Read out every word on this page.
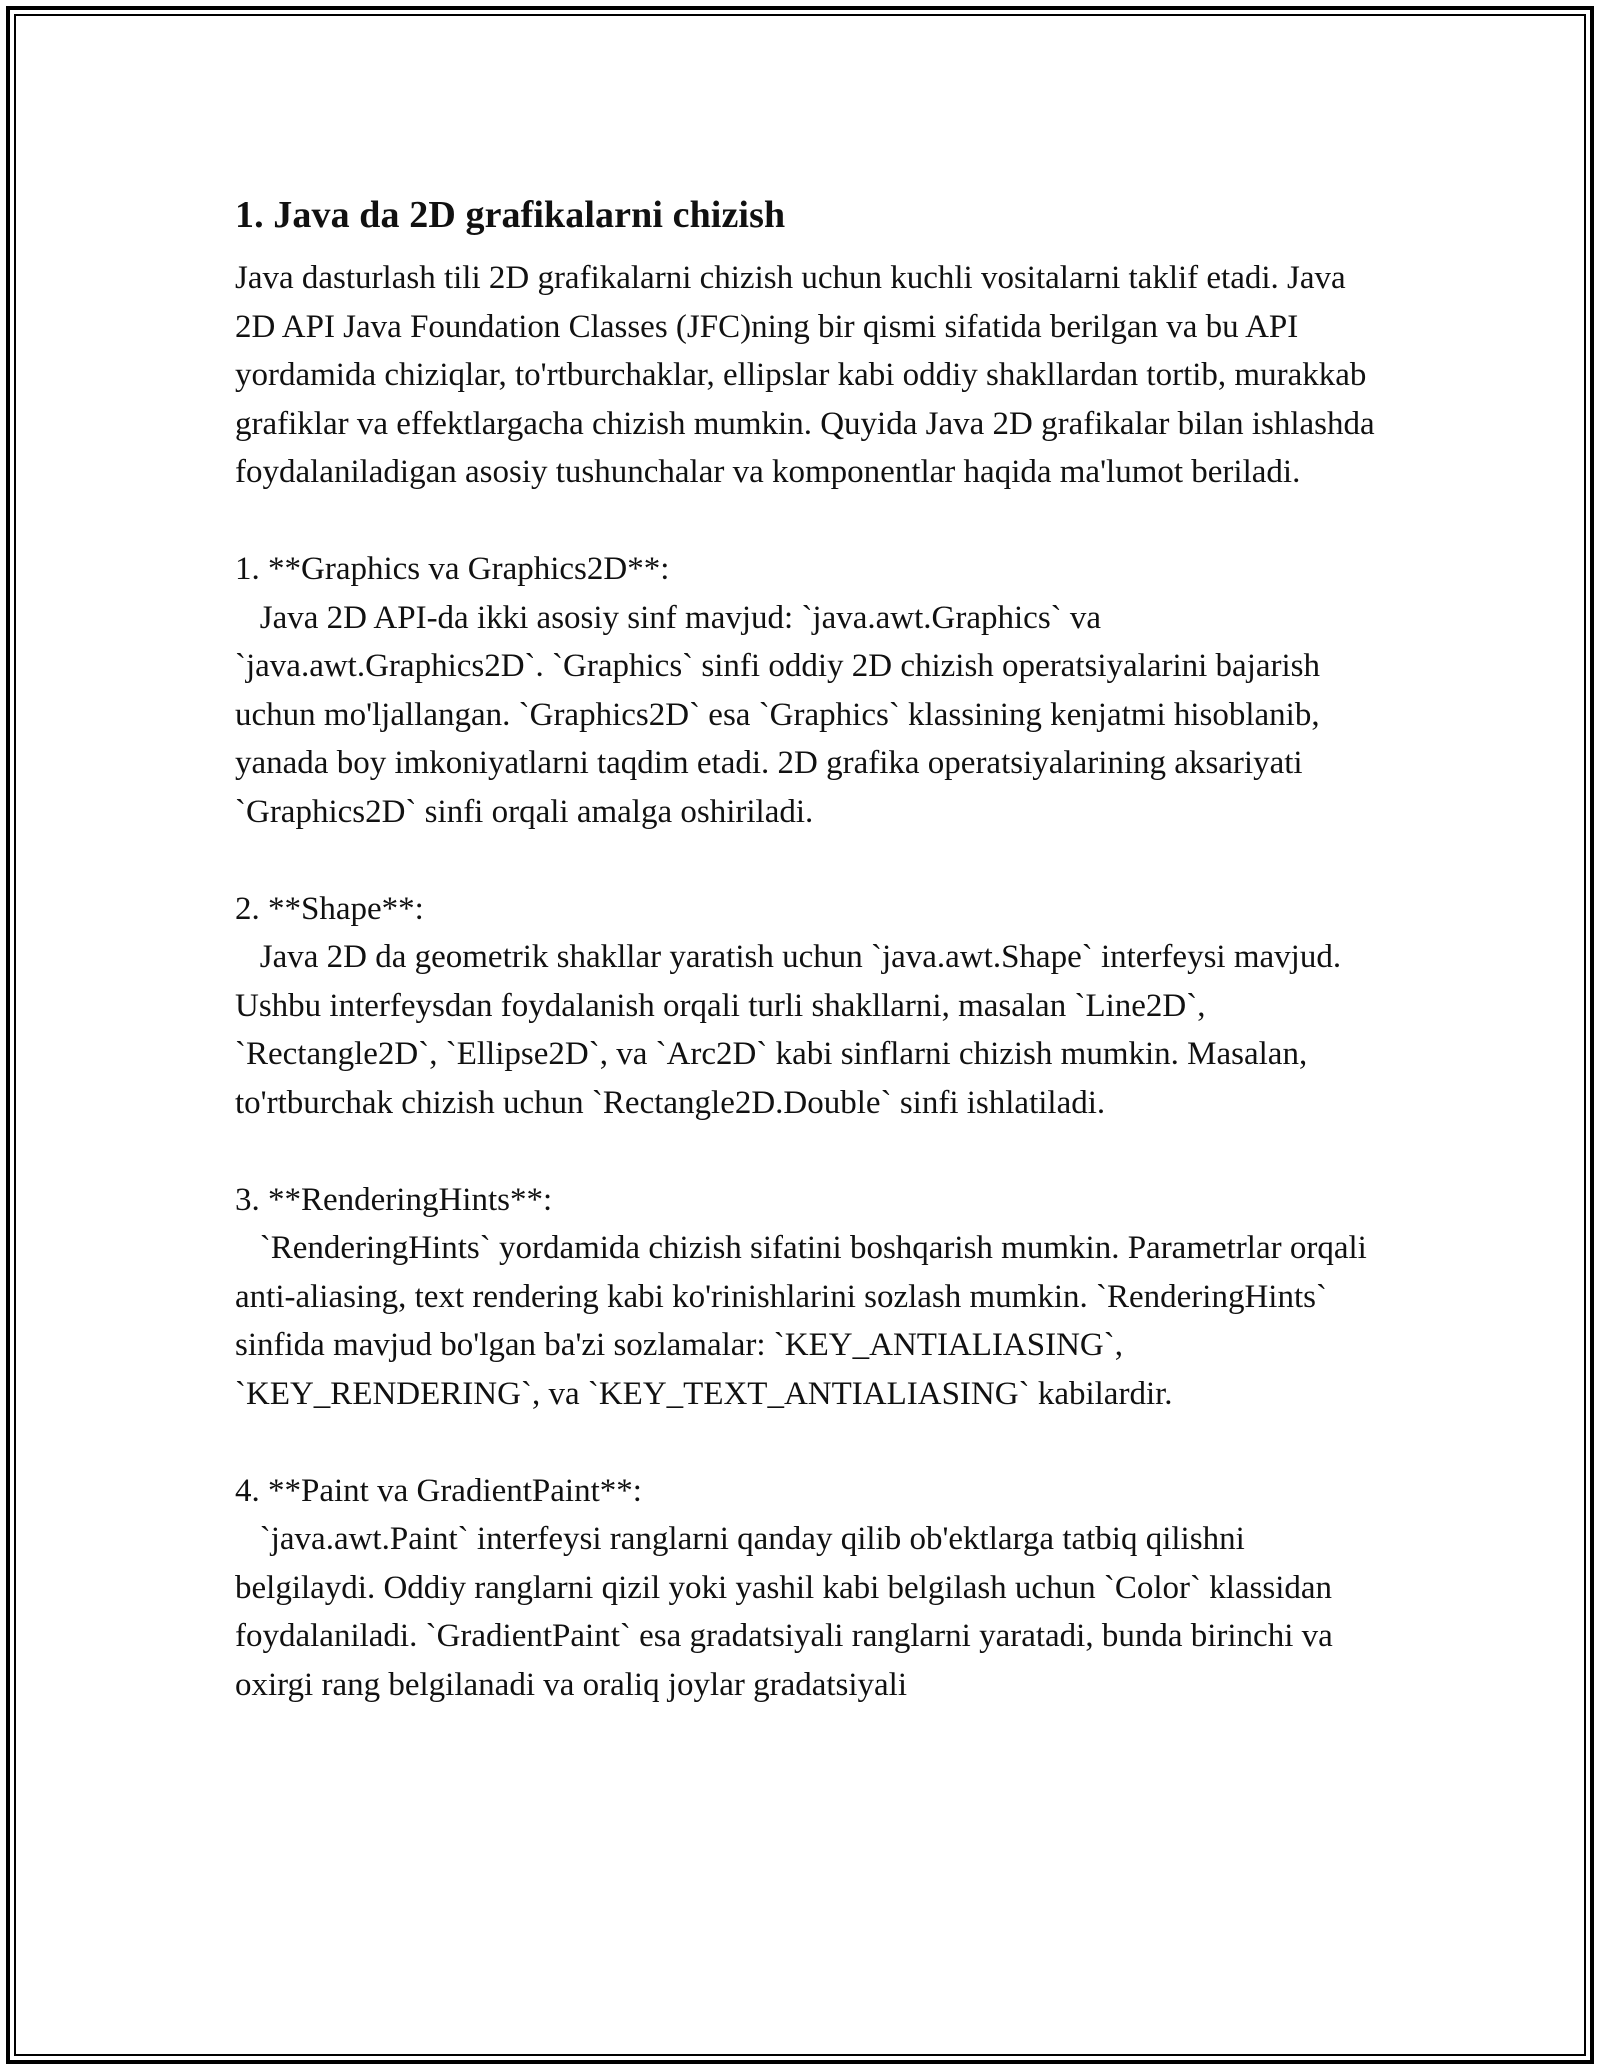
1. Java da 2D grafikalarni chizish

Java dasturlash tili 2D grafikalarni chizish uchun kuchli vositalarni taklif etadi. Java 2D API Java Foundation Classes (JFC)ning bir qismi sifatida berilgan va bu API yordamida chiziqlar, to'rtburchaklar, ellipslar kabi oddiy shakllardan tortib, murakkab grafiklar va effektlargacha chizish mumkin. Quyida Java 2D grafikalar bilan ishlashda foydalaniladigan asosiy tushunchalar va komponentlar haqida ma'lumot beriladi.

1. **Graphics va Graphics2D**:

Java 2D API-da ikki asosiy sinf mavjud: `java.awt.Graphics` va `java.awt.Graphics2D`. `Graphics` sinfi oddiy 2D chizish operatsiyalarini bajarish uchun mo'ljallangan. `Graphics2D` esa `Graphics` klassining kenjatmi hisoblanib, yanada boy imkoniyatlarni taqdim etadi. 2D grafika operatsiyalarining aksariyati `Graphics2D` sinfi orqali amalga oshiriladi.

2. **Shape**:

Java 2D da geometrik shakllar yaratish uchun `java.awt.Shape` interfeysi mavjud. Ushbu interfeysdan foydalanish orqali turli shakllarni, masalan `Line2D`, `Rectangle2D`, `Ellipse2D`, va `Arc2D` kabi sinflarni chizish mumkin. Masalan, to'rtburchak chizish uchun `Rectangle2D.Double` sinfi ishlatiladi.

3. **RenderingHints**:

`RenderingHints` yordamida chizish sifatini boshqarish mumkin. Parametrlar orqali anti-aliasing, text rendering kabi ko'rinishlarini sozlash mumkin. `RenderingHints` sinfida mavjud bo'lgan ba'zi sozlamalar: `KEY_ANTIALIASING`, `KEY_RENDERING`, va `KEY_TEXT_ANTIALIASING` kabilardir.

4. **Paint va GradientPaint**:

`java.awt.Paint` interfeysi ranglarni qanday qilib ob'ektlarga tatbiq qilishni belgilaydi. Oddiy ranglarni qizil yoki yashil kabi belgilash uchun `Color` klassidan foydalaniladi. `GradientPaint` esa gradatsiyali ranglarni yaratadi, bunda birinchi va oxirgi rang belgilanadi va oraliq joylar gradatsiyali
